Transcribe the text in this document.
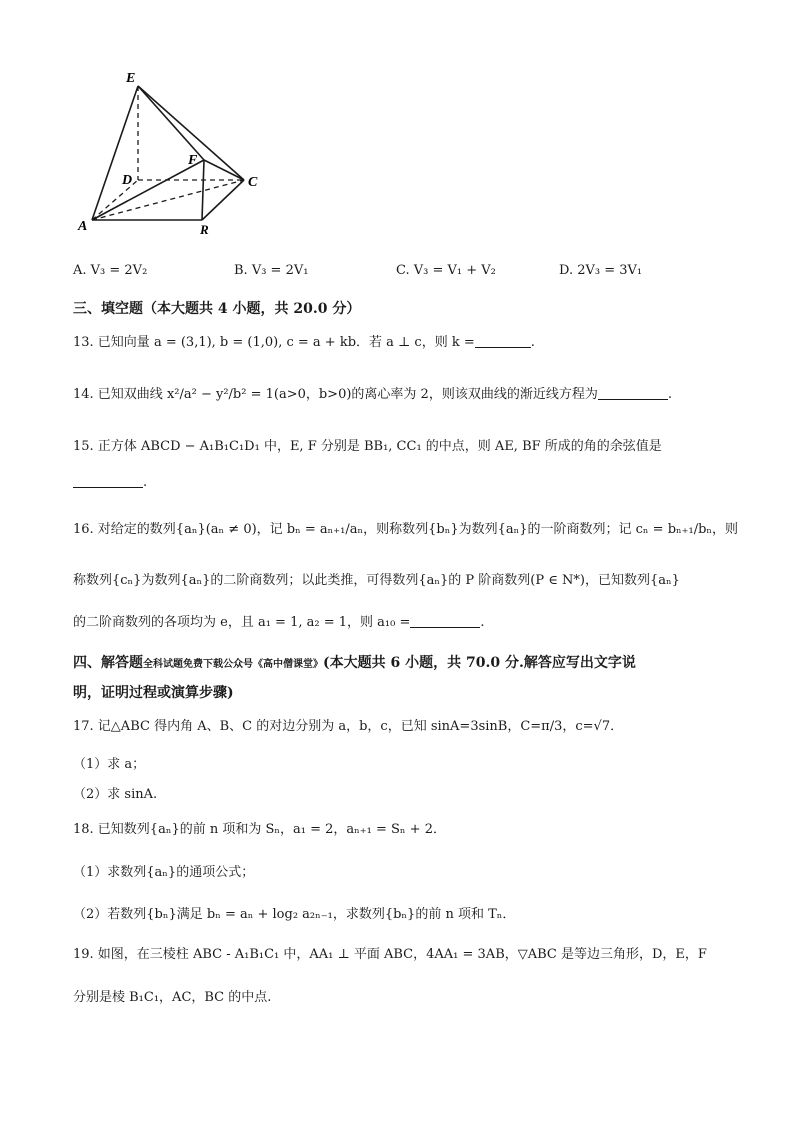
E
F
D	C
A	R
A. V₃ = 2V₂	B. V₃ = 2V₁	C. V₃ = V₁ + V₂	D. 2V₃ = 3V₁
三、填空题（本大题共 4 小题，共 20.0 分）
13. 已知向量 a = (3,1), b = (1,0), c = a + kb．若 a ⊥ c，则 k =	.
14. 已知双曲线 x²/a² − y²/b² = 1(a>0，b>0)的离心率为 2，则该双曲线的渐近线方程为	.
15. 正方体 ABCD − A₁B₁C₁D₁ 中，E, F 分别是 BB₁, CC₁ 的中点，则 AE, BF 所成的角的余弦值是
.
16. 对给定的数列{aₙ}(aₙ ≠ 0)，记 bₙ = aₙ₊₁/aₙ，则称数列{bₙ}为数列{aₙ}的一阶商数列；记 cₙ = bₙ₊₁/bₙ，则
称数列{cₙ}为数列{aₙ}的二阶商数列；以此类推，可得数列{aₙ}的 P 阶商数列(P ∈ N*)，已知数列{aₙ}
的二阶商数列的各项均为 e，且 a₁ = 1, a₂ = 1，则 a₁₀ =	.
四、解答题全科试题免费下载公众号《高中僧课堂》(本大题共 6 小题，共 70.0 分.解答应写出文字说
明，证明过程或演算步骤)
17. 记△ABC 得内角 A、B、C 的对边分别为 a，b，c，已知 sinA=3sinB，C=π/3，c=√7．
（1）求 a；
（2）求 sinA.
18. 已知数列{aₙ}的前 n 项和为 Sₙ，a₁ = 2，aₙ₊₁ = Sₙ + 2．
（1）求数列{aₙ}的通项公式；
（2）若数列{bₙ}满足 bₙ = aₙ + log₂ a₂ₙ₋₁，求数列{bₙ}的前 n 项和 Tₙ．
19. 如图，在三棱柱 ABC - A₁B₁C₁ 中，AA₁ ⊥ 平面 ABC，4AA₁ = 3AB，▽ABC 是等边三角形，D，E，F
分别是棱 B₁C₁，AC，BC 的中点.
